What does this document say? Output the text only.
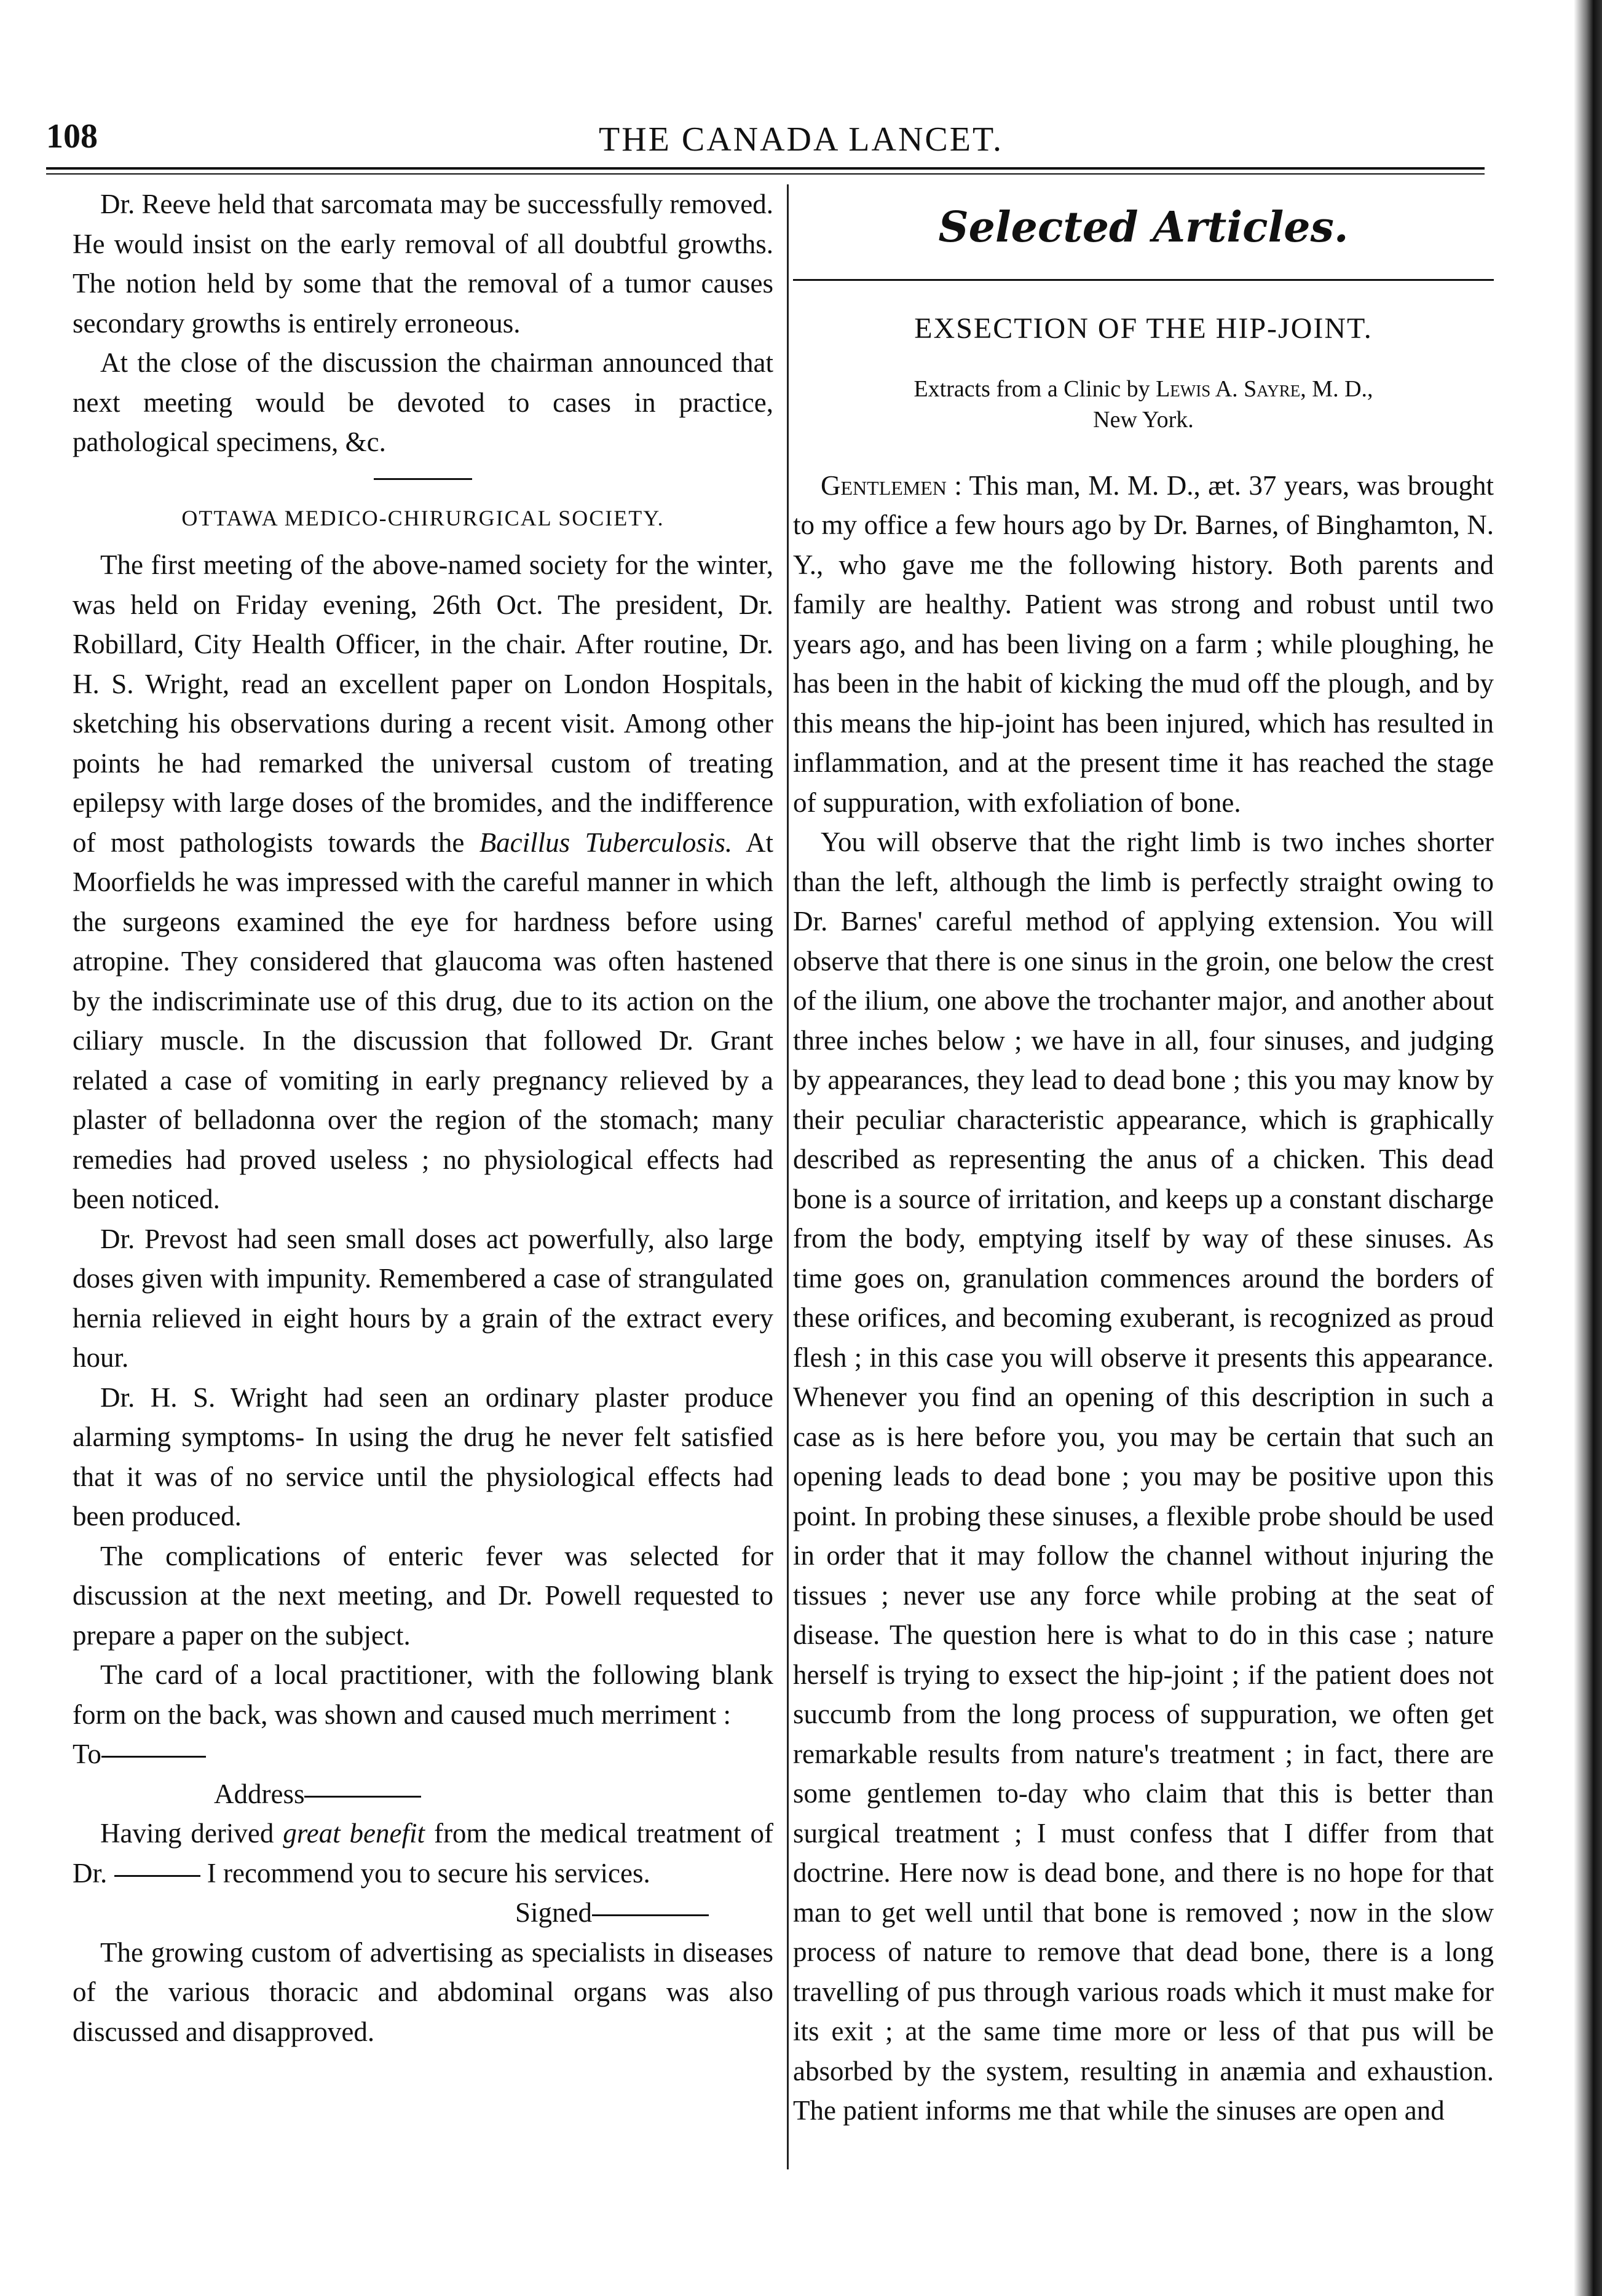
108	THE CANADA LANCET.

Dr. Reeve held that sarcomata may be successfully removed. He would insist on the early removal of all doubtful growths. The notion held by some that the removal of a tumor causes secondary growths is entirely erroneous.

At the close of the discussion the chairman announced that next meeting would be devoted to cases in practice, pathological specimens, &c.

OTTAWA MEDICO-CHIRURGICAL SOCIETY.

The first meeting of the above-named society for the winter, was held on Friday evening, 26th Oct. The president, Dr. Robillard, City Health Officer, in the chair. After routine, Dr. H. S. Wright, read an excellent paper on London Hospitals, sketching his observations during a recent visit. Among other points he had remarked the universal custom of treating epilepsy with large doses of the bromides, and the indifference of most pathologists towards the Bacillus Tuberculosis. At Moorfields he was impressed with the careful manner in which the surgeons examined the eye for hardness before using atropine. They considered that glaucoma was often hastened by the indiscriminate use of this drug, due to its action on the ciliary muscle. In the discussion that followed Dr. Grant related a case of vomiting in early pregnancy relieved by a plaster of belladonna over the region of the stomach; many remedies had proved useless ; no physiological effects had been noticed.

Dr. Prevost had seen small doses act powerfully, also large doses given with impunity. Remembered a case of strangulated hernia relieved in eight hours by a grain of the extract every hour.

Dr. H. S. Wright had seen an ordinary plaster produce alarming symptoms- In using the drug he never felt satisfied that it was of no service until the physiological effects had been produced.

The complications of enteric fever was selected for discussion at the next meeting, and Dr. Powell requested to prepare a paper on the subject.

The card of a local practitioner, with the following blank form on the back, was shown and caused much merriment :

To
Address

Having derived great benefit from the medical treatment of Dr.	I recommend you to secure his services.

Signed

The growing custom of advertising as specialists in diseases of the various thoracic and abdominal organs was also discussed and disapproved.

Selected Articles.
EXSECTION OF THE HIP-JOINT.
Extracts from a Clinic by Lewis A. Sayre, M. D.,
New York.

Gentlemen : This man, M. M. D., æt. 37 years, was brought to my office a few hours ago by Dr. Barnes, of Binghamton, N. Y., who gave me the following history. Both parents and family are healthy. Patient was strong and robust until two years ago, and has been living on a farm ; while ploughing, he has been in the habit of kicking the mud off the plough, and by this means the hip-joint has been injured, which has resulted in inflammation, and at the present time it has reached the stage of suppuration, with exfoliation of bone.

You will observe that the right limb is two inches shorter than the left, although the limb is perfectly straight owing to Dr. Barnes' careful method of applying extension. You will observe that there is one sinus in the groin, one below the crest of the ilium, one above the trochanter major, and another about three inches below ; we have in all, four sinuses, and judging by appearances, they lead to dead bone ; this you may know by their peculiar characteristic appearance, which is graphically described as representing the anus of a chicken. This dead bone is a source of irritation, and keeps up a constant discharge from the body, emptying itself by way of these sinuses. As time goes on, granulation commences around the borders of these orifices, and becoming exuberant, is recognized as proud flesh ; in this case you will observe it presents this appearance. Whenever you find an opening of this description in such a case as is here before you, you may be certain that such an opening leads to dead bone ; you may be positive upon this point. In probing these sinuses, a flexible probe should be used in order that it may follow the channel without injuring the tissues ; never use any force while probing at the seat of disease. The question here is what to do in this case ; nature herself is trying to exsect the hip-joint ; if the patient does not succumb from the long process of suppuration, we often get remarkable results from nature's treatment ; in fact, there are some gentlemen to-day who claim that this is better than surgical treatment ; I must confess that I differ from that doctrine. Here now is dead bone, and there is no hope for that man to get well until that bone is removed ; now in the slow process of nature to remove that dead bone, there is a long travelling of pus through various roads which it must make for its exit ; at the same time more or less of that pus will be absorbed by the system, resulting in anæmia and exhaustion. The patient informs me that while the sinuses are open and
